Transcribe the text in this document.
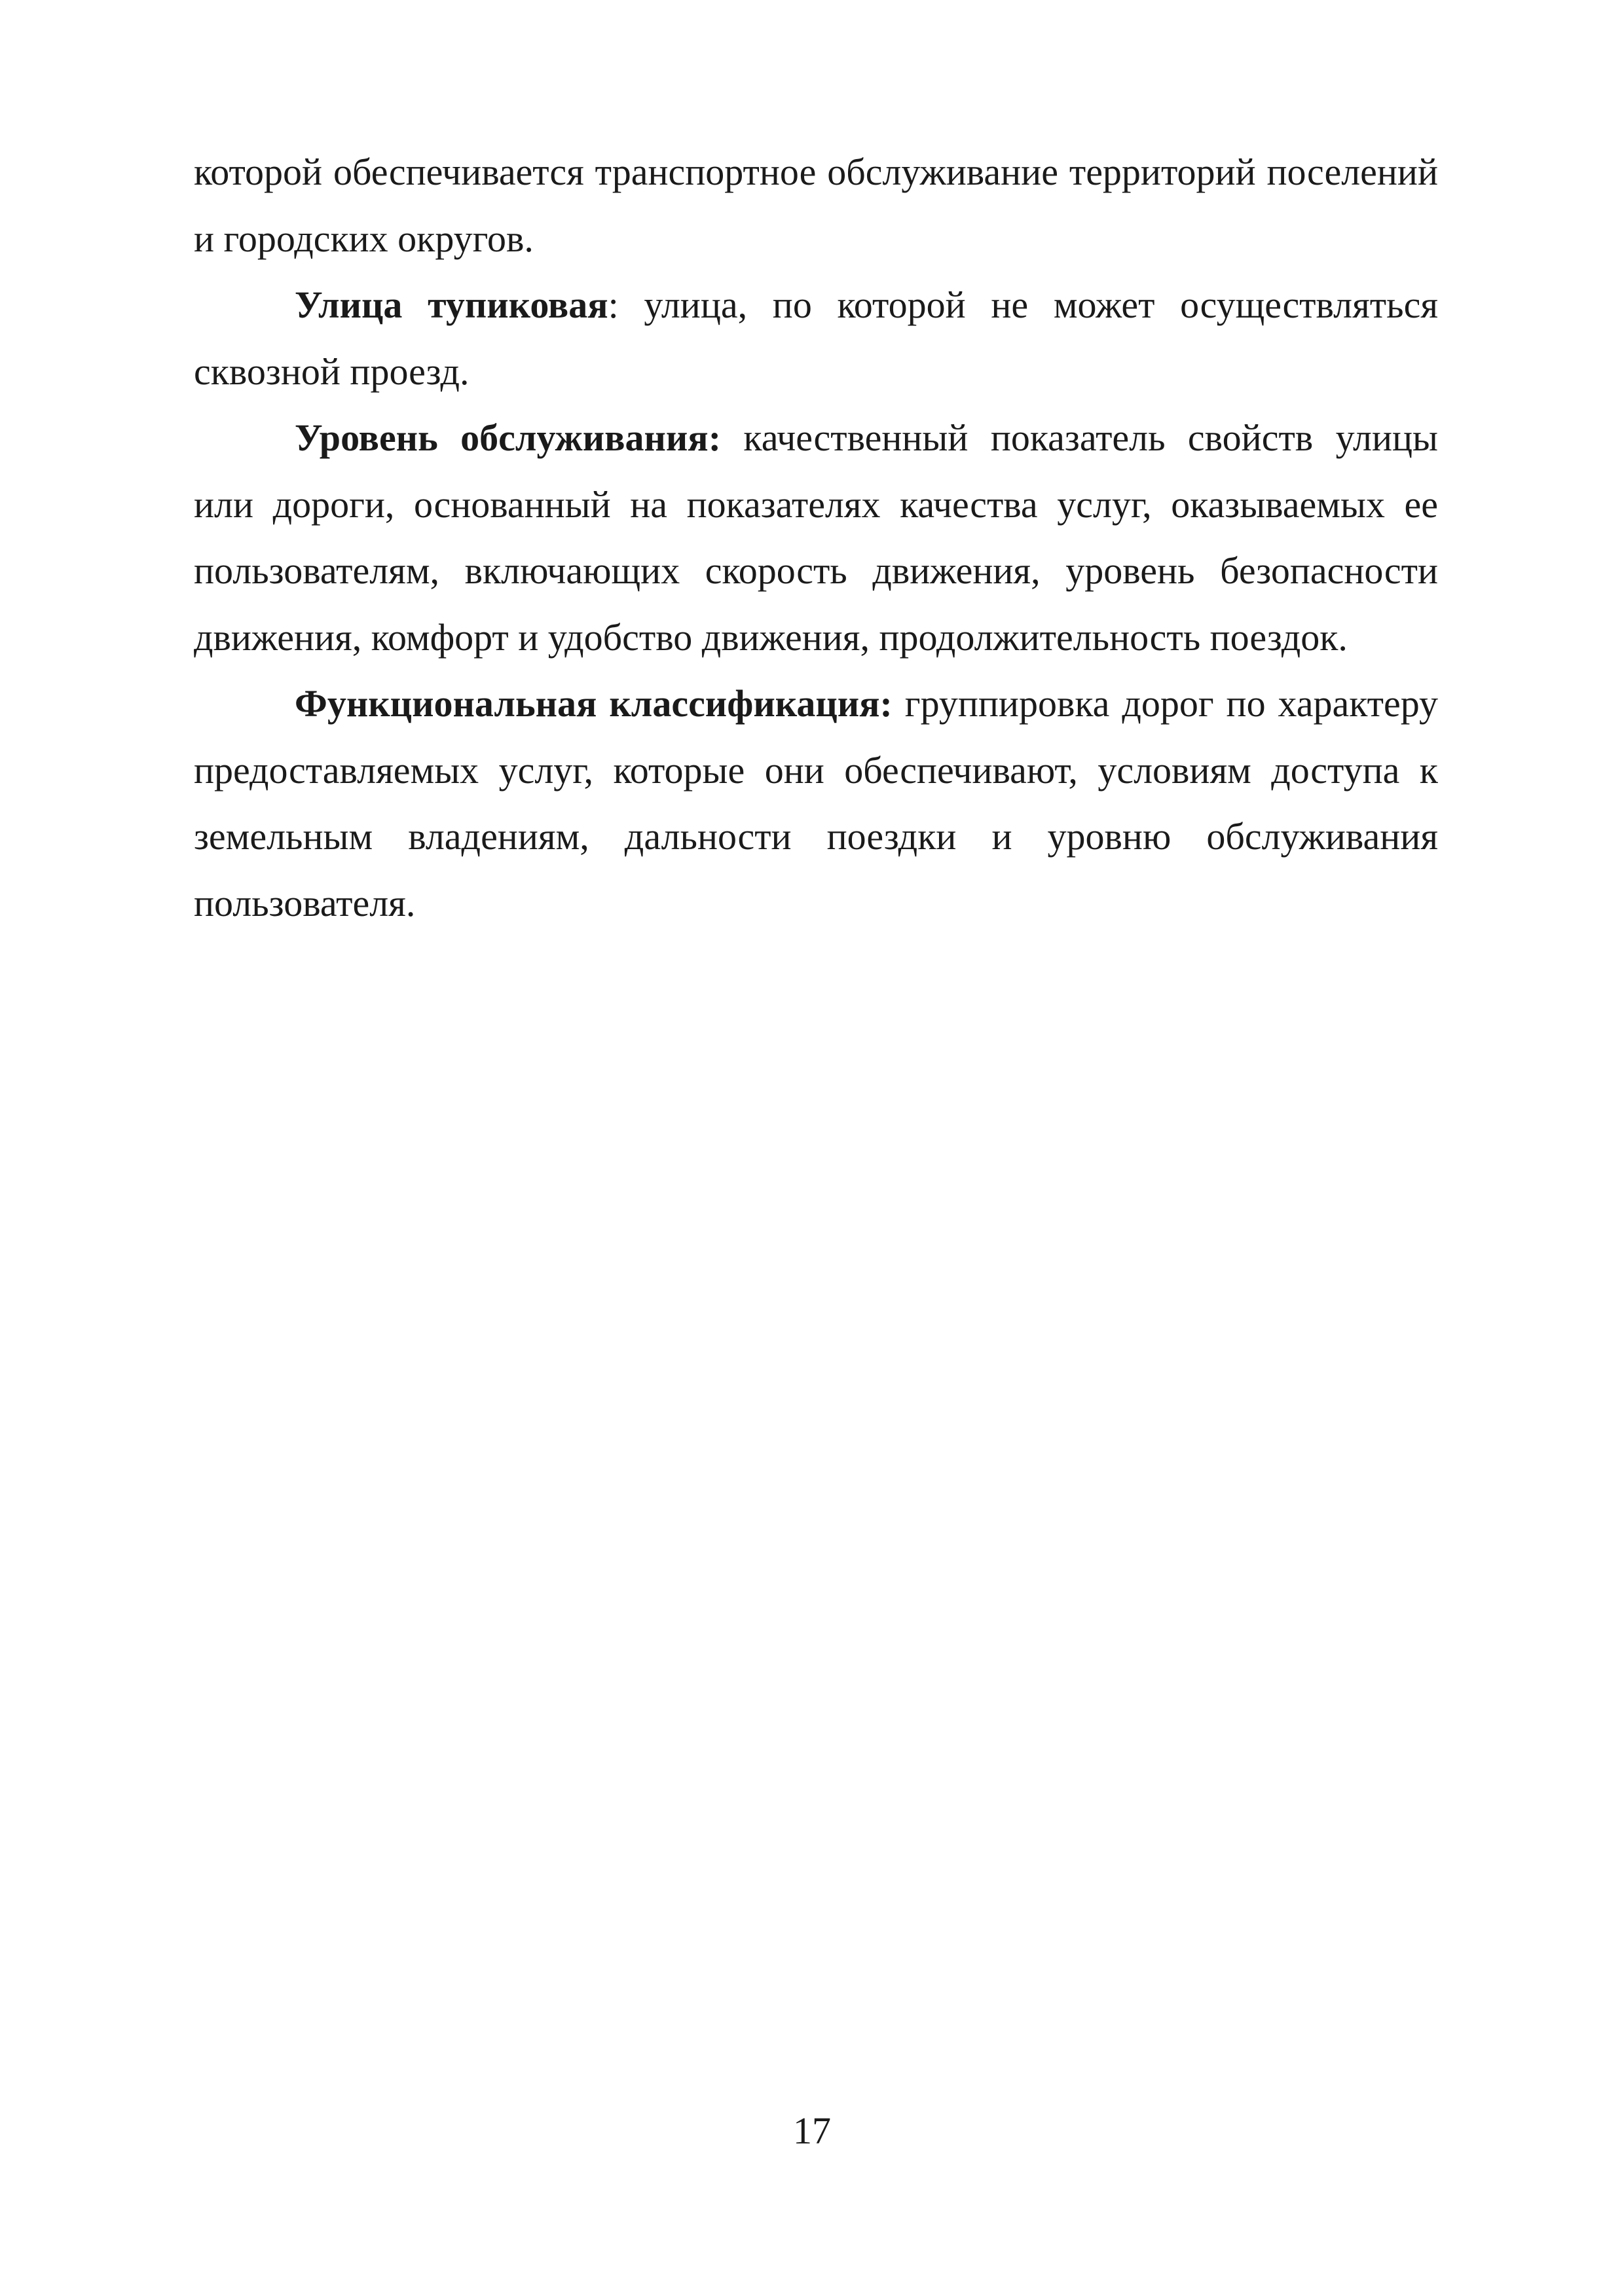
которой обеспечивается транспортное обслуживание территорий поселений и городских округов.

Улица тупиковая: улица, по которой не может осуществляться сквозной проезд.

Уровень обслуживания: качественный показатель свойств улицы или дороги, основанный на показателях качества услуг, оказываемых ее пользователям, включающих скорость движения, уровень безопасности движения, комфорт и удобство движения, продолжительность поездок.

Функциональная классификация: группировка дорог по характеру предоставляемых услуг, которые они обеспечивают, условиям доступа к земельным владениям, дальности поездки и уровню обслуживания пользователя.

17
